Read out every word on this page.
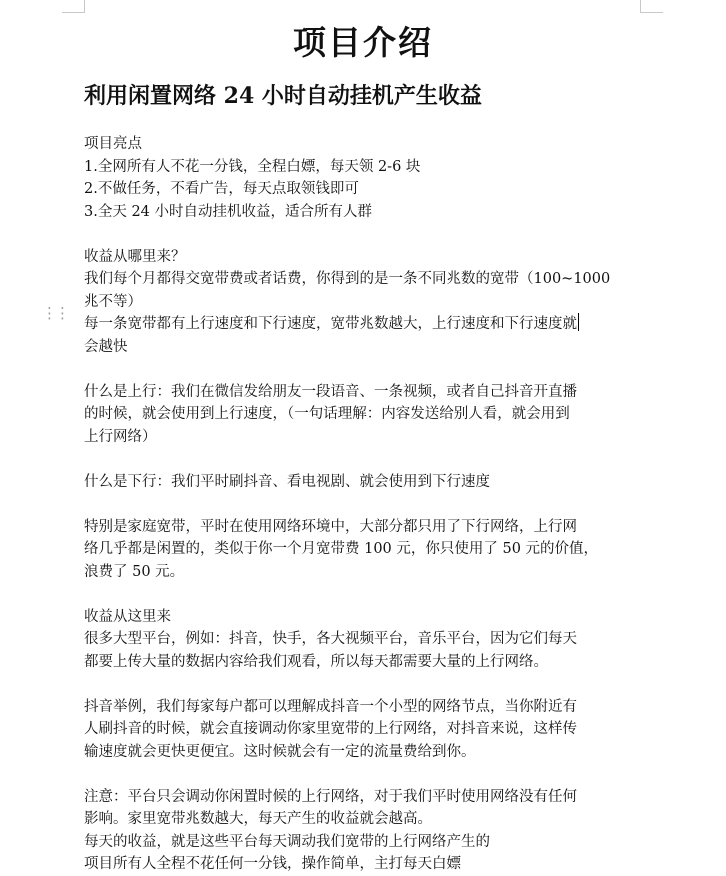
项目介绍
利用闲置网络 24 小时自动挂机产生收益
⋮⋮
项目亮点
1.全网所有人不花一分钱，全程白嫖，每天领 2-6 块
2.不做任务，不看广告，每天点取领钱即可
3.全天 24 小时自动挂机收益，适合所有人群
收益从哪里来？
我们每个月都得交宽带费或者话费，你得到的是一条不同兆数的宽带（100~1000
兆不等）
每一条宽带都有上行速度和下行速度，宽带兆数越大，上行速度和下行速度就
会越快
什么是上行：我们在微信发给朋友一段语音、一条视频，或者自己抖音开直播
的时候，就会使用到上行速度，（一句话理解：内容发送给别人看，就会用到
上行网络）
什么是下行：我们平时刷抖音、看电视剧、就会使用到下行速度
特别是家庭宽带，平时在使用网络环境中，大部分都只用了下行网络，上行网
络几乎都是闲置的，类似于你一个月宽带费 100 元，你只使用了 50 元的价值，
浪费了 50 元。
收益从这里来
很多大型平台，例如：抖音，快手，各大视频平台，音乐平台，因为它们每天
都要上传大量的数据内容给我们观看，所以每天都需要大量的上行网络。
抖音举例，我们每家每户都可以理解成抖音一个小型的网络节点，当你附近有
人刷抖音的时候，就会直接调动你家里宽带的上行网络，对抖音来说，这样传
输速度就会更快更便宜。这时候就会有一定的流量费给到你。
注意：平台只会调动你闲置时候的上行网络，对于我们平时使用网络没有任何
影响。家里宽带兆数越大，每天产生的收益就会越高。
每天的收益，就是这些平台每天调动我们宽带的上行网络产生的
项目所有人全程不花任何一分钱，操作简单，主打每天白嫖
